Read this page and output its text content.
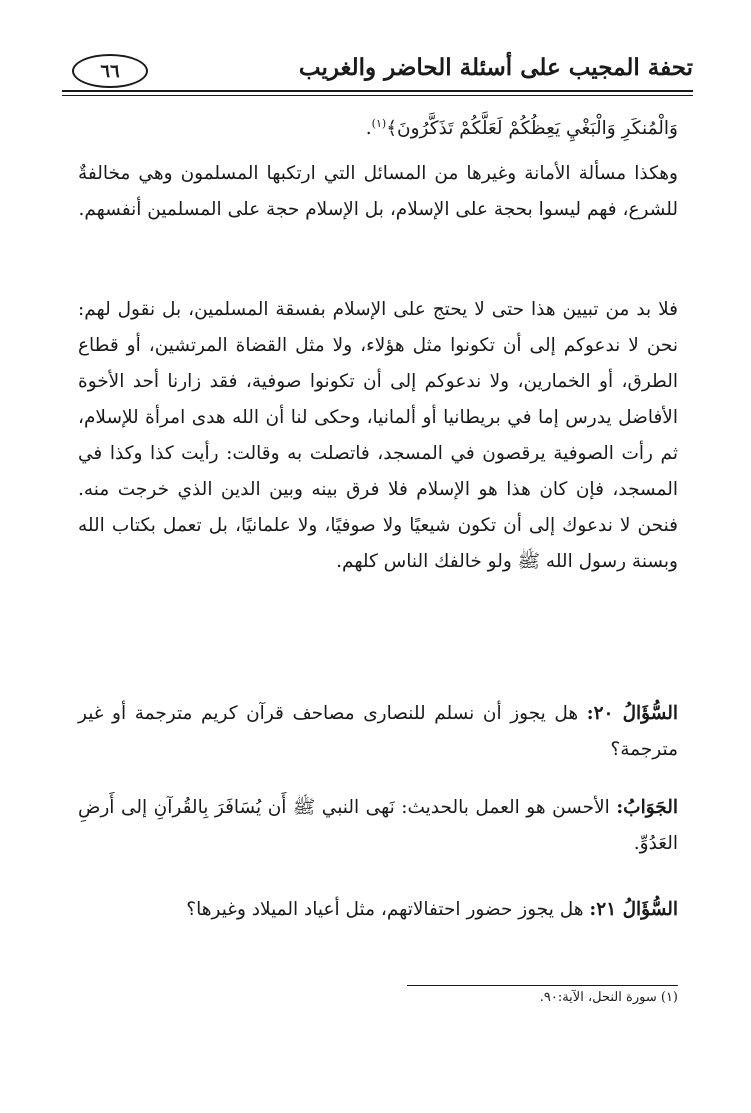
تحفة المجيب على أسئلة الحاضر والغريب
٦٦
وَالْمُنكَرِ وَالْبَغْيِ يَعِظُكُمْ لَعَلَّكُمْ تَذَكَّرُونَ﴾$^{(١)}$.
وهكذا مسألة الأمانة وغيرها من المسائل التي ارتكبها المسلمون وهي مخالفةٌ للشرع، فهم ليسوا بحجة على الإسلام، بل الإسلام حجة على المسلمين أنفسهم.
فلا بد من تبيين هذا حتى لا يحتج على الإسلام بفسقة المسلمين، بل نقول لهم: نحن لا ندعوكم إلى أن تكونوا مثل هؤلاء، ولا مثل القضاة المرتشين، أو قطاع الطرق، أو الخمارين، ولا ندعوكم إلى أن تكونوا صوفية، فقد زارنا أحد الأخوة الأفاضل يدرس إما في بريطانيا أو ألمانيا، وحكى لنا أن الله هدى امرأة للإسلام، ثم رأت الصوفية يرقصون في المسجد، فاتصلت به وقالت: رأيت كذا وكذا في المسجد، فإن كان هذا هو الإسلام فلا فرق بينه وبين الدين الذي خرجت منه. فنحن لا ندعوك إلى أن تكون شيعيًا ولا صوفيًا، ولا علمانيًا، بل تعمل بكتاب الله وبسنة رسول الله ﷺ ولو خالفك الناس كلهم.
السُّؤَالُ ٢٠: هل يجوز أن نسلم للنصارى مصاحف قرآن كريم مترجمة أو غير مترجمة؟
الجَوَابُ: الأحسن هو العمل بالحديث: نَهى النبي ﷺ أَن يُسَافَرَ بِالقُرآنِ إلى أَرضِ العَدُوِّ.
السُّؤَالُ ٢١: هل يجوز حضور احتفالاتهم، مثل أعياد الميلاد وغيرها؟
(١) سورة النحل، الآية:٩٠.
